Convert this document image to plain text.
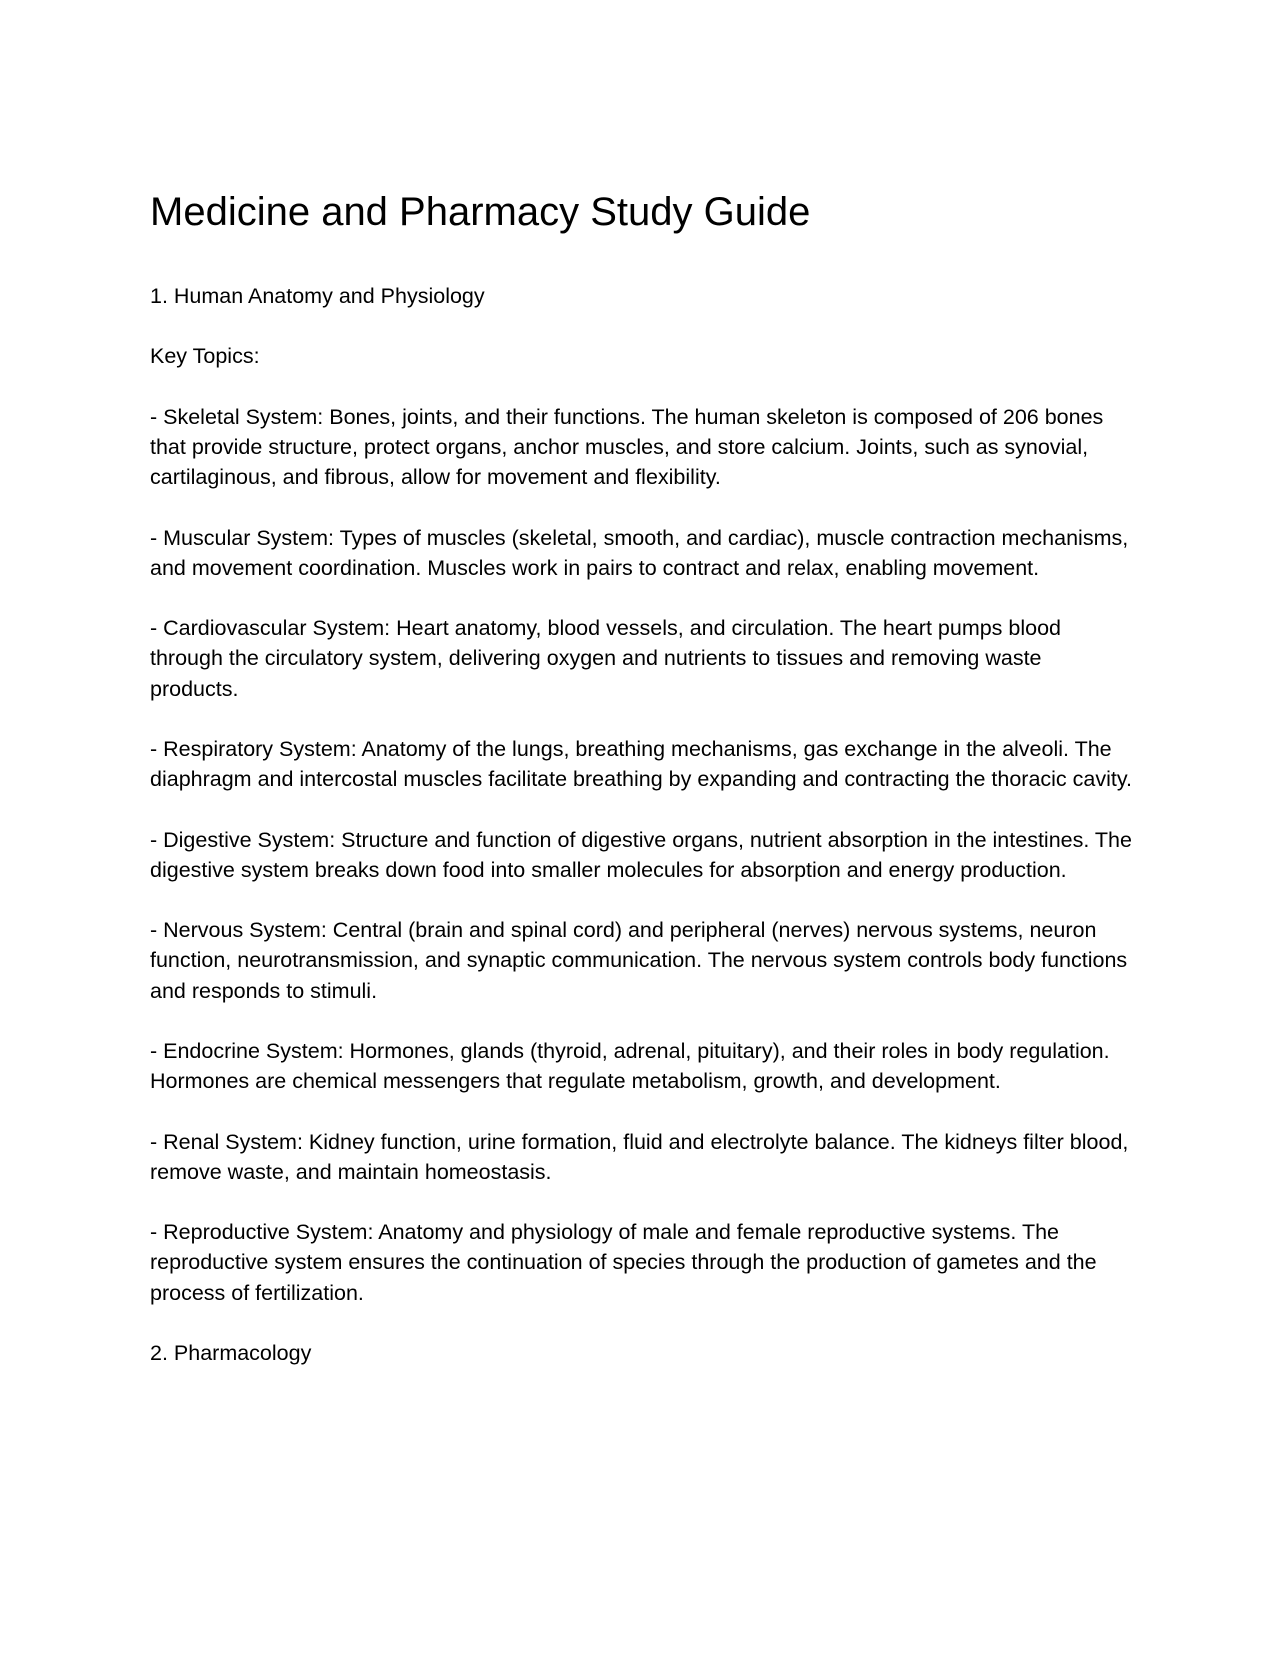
Medicine and Pharmacy Study Guide

1. Human Anatomy and Physiology

Key Topics:

- Skeletal System: Bones, joints, and their functions. The human skeleton is composed of 206 bones that provide structure, protect organs, anchor muscles, and store calcium. Joints, such as synovial, cartilaginous, and fibrous, allow for movement and flexibility.

- Muscular System: Types of muscles (skeletal, smooth, and cardiac), muscle contraction mechanisms, and movement coordination. Muscles work in pairs to contract and relax, enabling movement.

- Cardiovascular System: Heart anatomy, blood vessels, and circulation. The heart pumps blood through the circulatory system, delivering oxygen and nutrients to tissues and removing waste products.

- Respiratory System: Anatomy of the lungs, breathing mechanisms, gas exchange in the alveoli. The diaphragm and intercostal muscles facilitate breathing by expanding and contracting the thoracic cavity.

- Digestive System: Structure and function of digestive organs, nutrient absorption in the intestines. The digestive system breaks down food into smaller molecules for absorption and energy production.

- Nervous System: Central (brain and spinal cord) and peripheral (nerves) nervous systems, neuron function, neurotransmission, and synaptic communication. The nervous system controls body functions and responds to stimuli.

- Endocrine System: Hormones, glands (thyroid, adrenal, pituitary), and their roles in body regulation. Hormones are chemical messengers that regulate metabolism, growth, and development.

- Renal System: Kidney function, urine formation, fluid and electrolyte balance. The kidneys filter blood, remove waste, and maintain homeostasis.

- Reproductive System: Anatomy and physiology of male and female reproductive systems. The reproductive system ensures the continuation of species through the production of gametes and the process of fertilization.

2. Pharmacology
